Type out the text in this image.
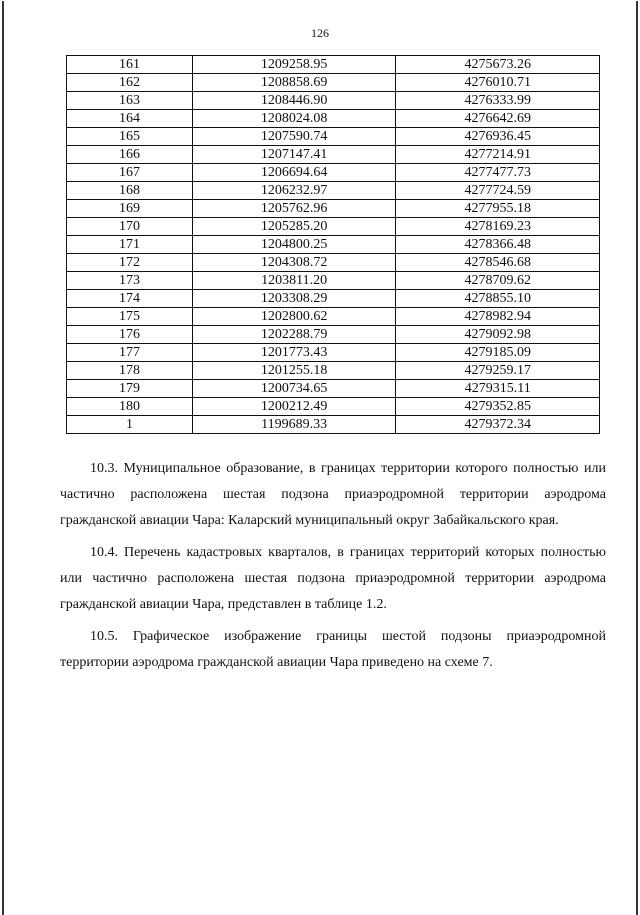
126
161	1209258.95	4275673.26
162	1208858.69	4276010.71
163	1208446.90	4276333.99
164	1208024.08	4276642.69
165	1207590.74	4276936.45
166	1207147.41	4277214.91
167	1206694.64	4277477.73
168	1206232.97	4277724.59
169	1205762.96	4277955.18
170	1205285.20	4278169.23
171	1204800.25	4278366.48
172	1204308.72	4278546.68
173	1203811.20	4278709.62
174	1203308.29	4278855.10
175	1202800.62	4278982.94
176	1202288.79	4279092.98
177	1201773.43	4279185.09
178	1201255.18	4279259.17
179	1200734.65	4279315.11
180	1200212.49	4279352.85
1	1199689.33	4279372.34

10.3. Муниципальное образование, в границах территории которого полностью или частично расположена шестая подзона приаэродромной территории аэродрома гражданской авиации Чара: Каларский муниципальный округ Забайкальского края.

10.4. Перечень кадастровых кварталов, в границах территорий которых полностью или частично расположена шестая подзона приаэродромной территории аэродрома гражданской авиации Чара, представлен в таблице 1.2.

10.5. Графическое изображение границы шестой подзоны приаэродромной территории аэродрома гражданской авиации Чара приведено на схеме 7.
